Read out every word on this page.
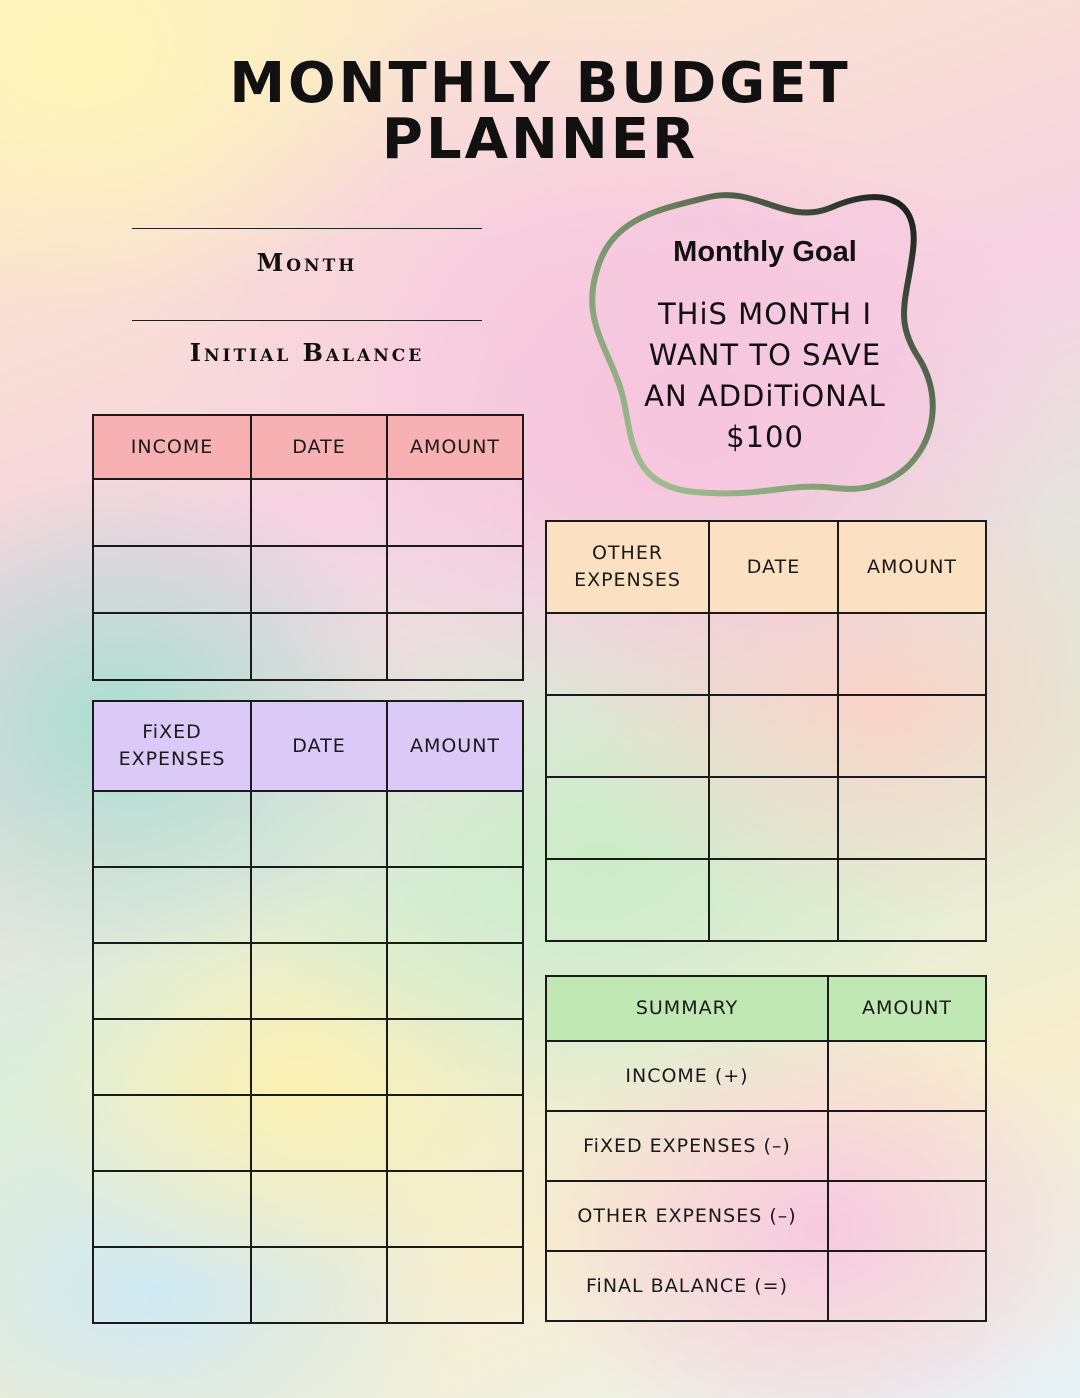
MONTHLY BUDGET
PLANNER
Month
Initial Balance
Monthly Goal
THiS MONTH I
WANT TO SAVE
AN ADDiTiONAL
$100
INCOME	DATE	AMOUNT

FiXED EXPENSES	DATE	AMOUNT

OTHER EXPENSES	DATE	AMOUNT

SUMMARY	AMOUNT
INCOME (+)	
FiXED EXPENSES (–)	
OTHER EXPENSES (–)	
FiNAL BALANCE (=)	
